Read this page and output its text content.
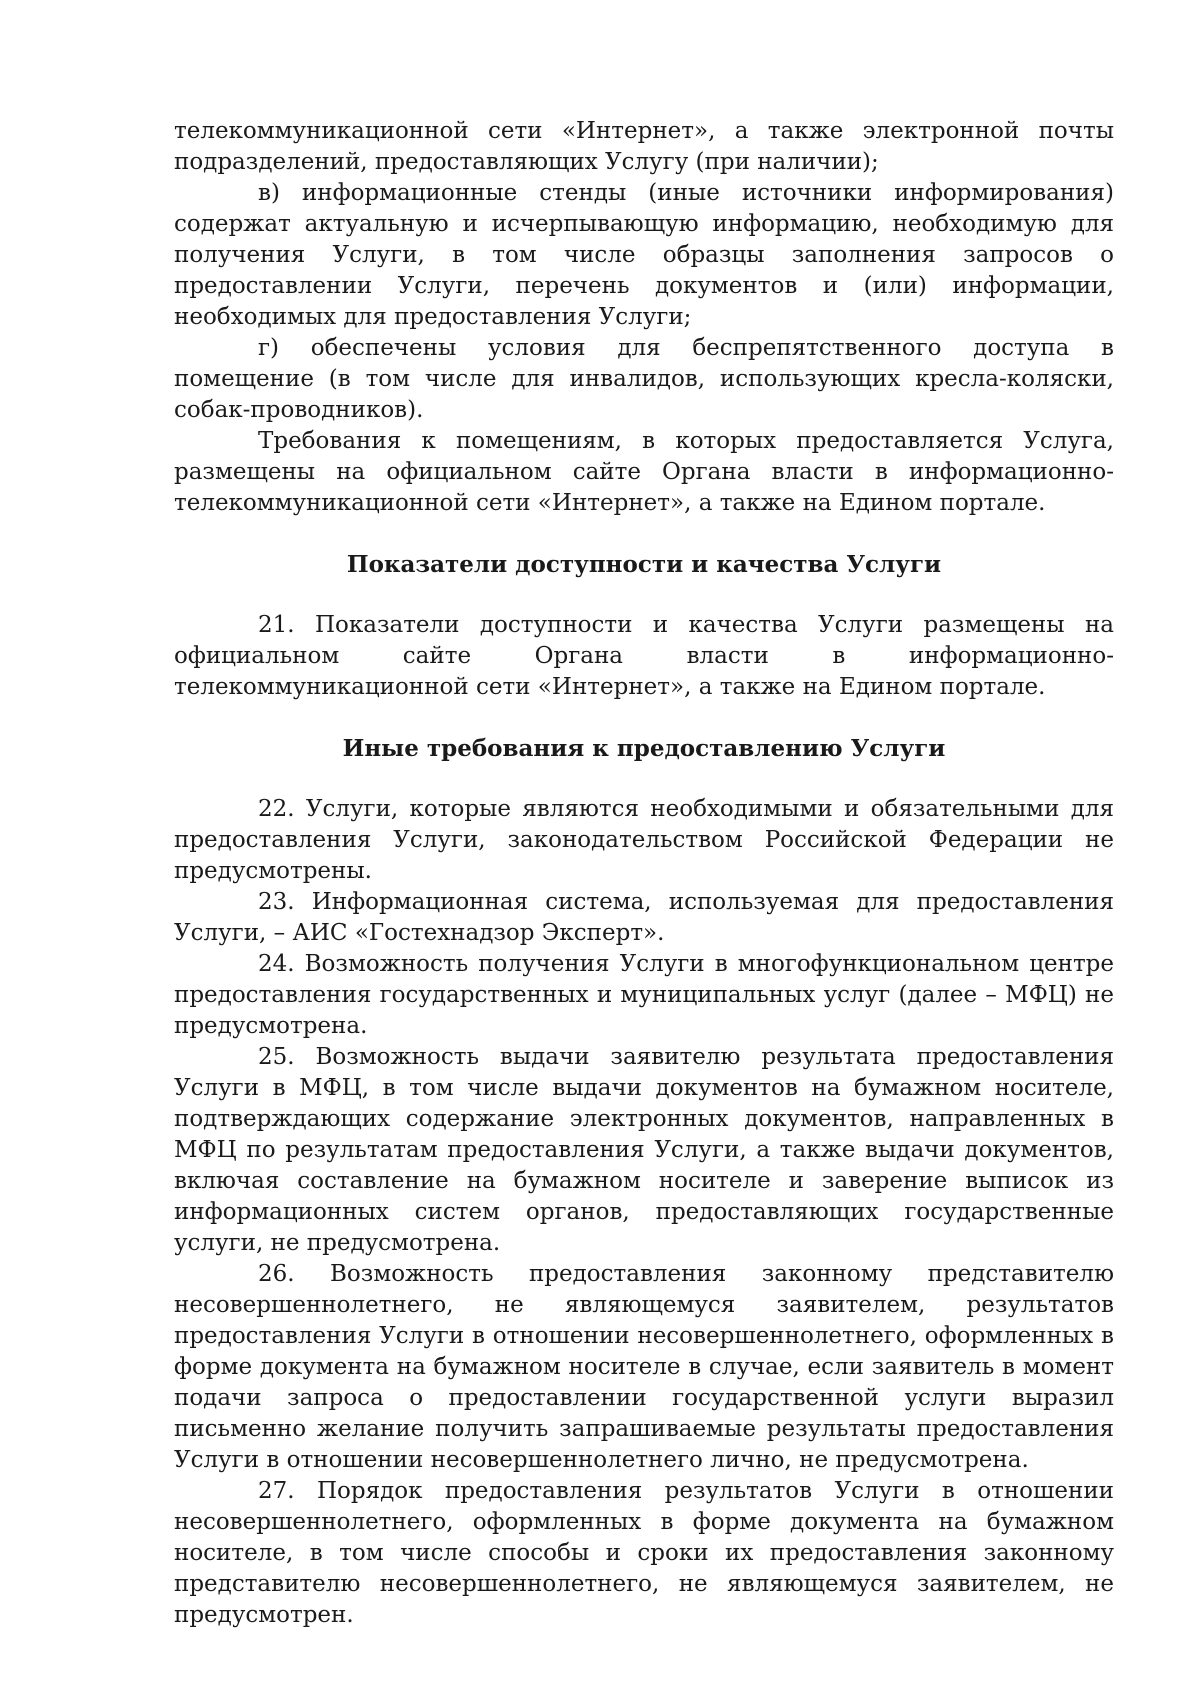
телекоммуникационной сети «Интернет», а также электронной почты подразделений, предоставляющих Услугу (при наличии);

в) информационные стенды (иные источники информирования) содержат актуальную и исчерпывающую информацию, необходимую для получения Услуги, в том числе образцы заполнения запросов о предоставлении Услуги, перечень документов и (или) информации, необходимых для предоставления Услуги;

г) обеспечены условия для беспрепятственного доступа в помещение (в том числе для инвалидов, использующих кресла-коляски, собак-проводников).

Требования к помещениям, в которых предоставляется Услуга, размещены на официальном сайте Органа власти в информационно-телекоммуникационной сети «Интернет», а также на Едином портале.

Показатели доступности и качества Услуги

21. Показатели доступности и качества Услуги размещены на официальном сайте Органа власти в информационно-телекоммуникационной сети «Интернет», а также на Едином портале.

Иные требования к предоставлению Услуги

22. Услуги, которые являются необходимыми и обязательными для предоставления Услуги, законодательством Российской Федерации не предусмотрены.

23. Информационная система, используемая для предоставления Услуги, – АИС «Гостехнадзор Эксперт».

24. Возможность получения Услуги в многофункциональном центре предоставления государственных и муниципальных услуг (далее – МФЦ) не предусмотрена.

25. Возможность выдачи заявителю результата предоставления Услуги в МФЦ, в том числе выдачи документов на бумажном носителе, подтверждающих содержание электронных документов, направленных в МФЦ по результатам предоставления Услуги, а также выдачи документов, включая составление на бумажном носителе и заверение выписок из информационных систем органов, предоставляющих государственные услуги, не предусмотрена.

26. Возможность предоставления законному представителю несовершеннолетнего, не являющемуся заявителем, результатов предоставления Услуги в отношении несовершеннолетнего, оформленных в форме документа на бумажном носителе в случае, если заявитель в момент подачи запроса о предоставлении государственной услуги выразил письменно желание получить запрашиваемые результаты предоставления Услуги в отношении несовершеннолетнего лично, не предусмотрена.

27. Порядок предоставления результатов Услуги в отношении несовершеннолетнего, оформленных в форме документа на бумажном носителе, в том числе способы и сроки их предоставления законному представителю несовершеннолетнего, не являющемуся заявителем, не предусмотрен.
